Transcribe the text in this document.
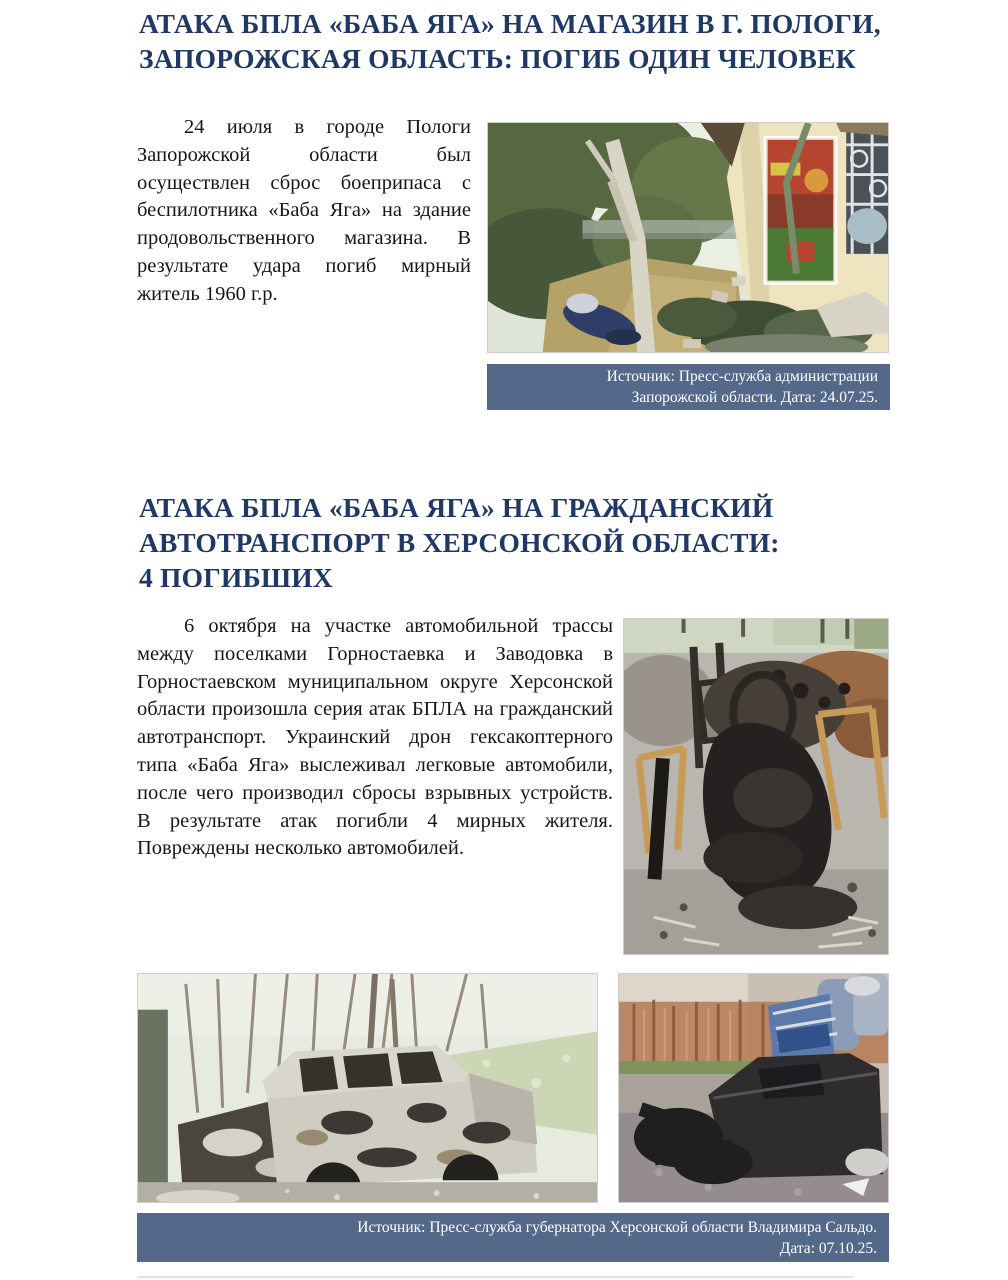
АТАКА БПЛА «БАБА ЯГА» НА МАГАЗИН В Г. ПОЛОГИ,
ЗАПОРОЖСКАЯ ОБЛАСТЬ: ПОГИБ ОДИН ЧЕЛОВЕК

24 июля в городе Пологи Запорожской области был осуществлен сброс боеприпаса с беспилотника «Баба Яга» на здание продовольственного магазина. В результате удара погиб мирный житель 1960 г.р.

Источник: Пресс-служба администрации
Запорожской области. Дата: 24.07.25.
АТАКА БПЛА «БАБА ЯГА» НА ГРАЖДАНСКИЙ
АВТОТРАНСПОРТ В ХЕРСОНСКОЙ ОБЛАСТИ:
4 ПОГИБШИХ

6 октября на участке автомобильной трассы между поселками Горностаевка и Заводовка в Горностаевском муниципальном округе Херсонской области произошла серия атак БПЛА на гражданский автотранспорт. Украинский дрон гексакоптерного типа «Баба Яга» выслеживал легковые автомобили, после чего производил сбросы взрывных устройств. В результате атак погибли 4 мирных жителя. Повреждены несколько автомобилей.

Источник: Пресс-служба губернатора Херсонской области Владимира Сальдо.
Дата: 07.10.25.
